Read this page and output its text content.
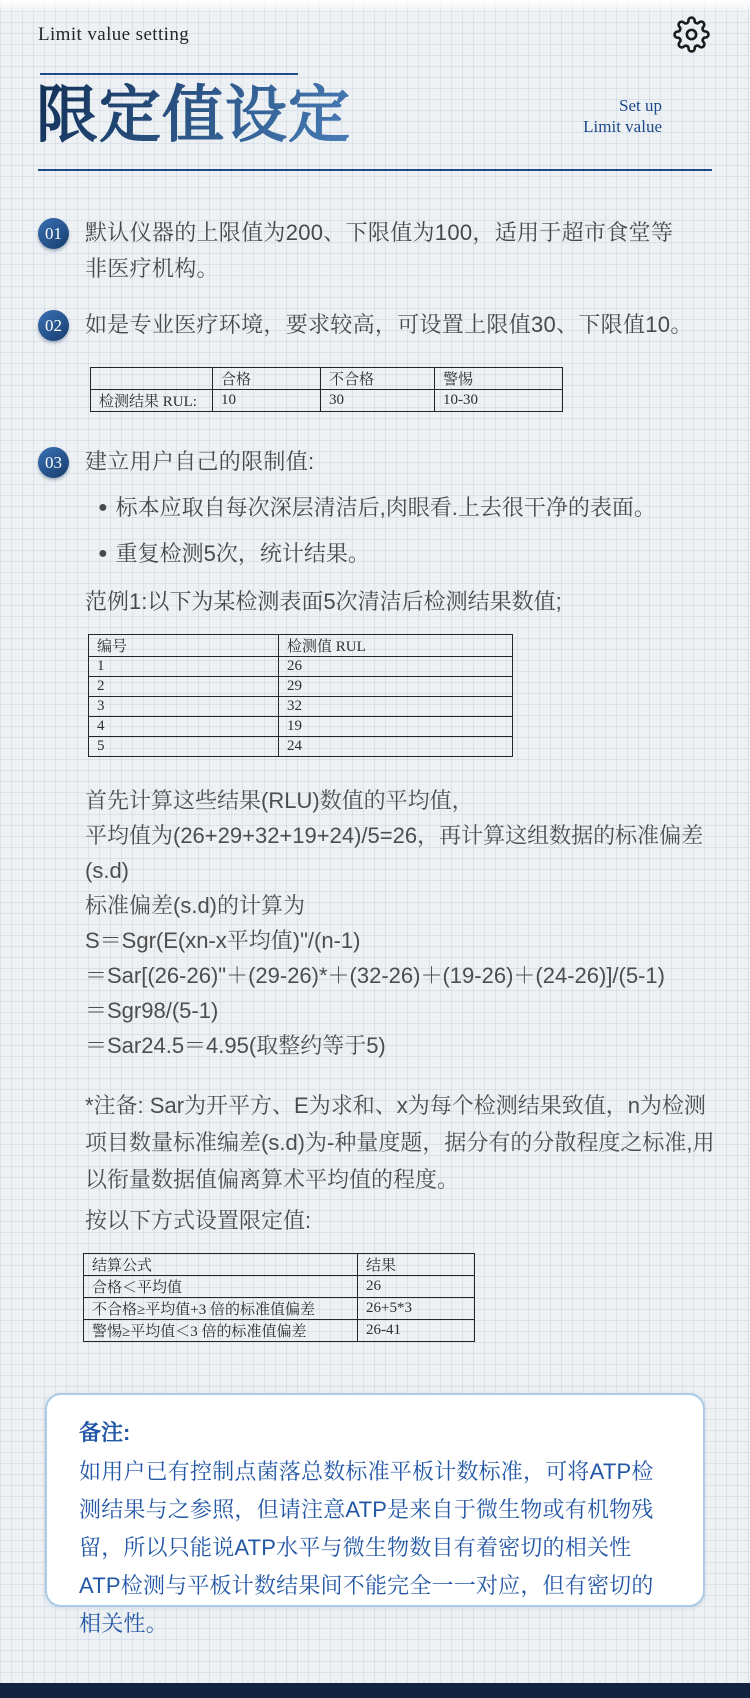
Limit value setting
限定值设定	Set up
Limit value
01	默认仪器的上限值为200、下限值为100，适用于超市食堂等非医疗机构。
02	如是专业医疗环境，要求较高，可设置上限值30、下限值10。
	合格	不合格	警惕
检测结果 RUL:	10	30	10-30
03	建立用户自己的限制值:
● 标本应取自每次深层清洁后,肉眼看.上去很干净的表面。
● 重复检测5次，统计结果。
范例1:以下为某检测表面5次清洁后检测结果数值;
编号	检测值 RUL
1	26
2	29
3	32
4	19
5	24
首先计算这些结果(RLU)数值的平均值，
平均值为(26+29+32+19+24)/5=26，再计算这组数据的标准偏差(s.d)
标准偏差(s.d)的计算为
S＝Sgr(E(xn-x平均值)"/(n-1)
＝Sar[(26-26)"＋(29-26)*＋(32-26)＋(19-26)＋(24-26)]/(5-1)
＝Sgr98/(5-1)
＝Sar24.5＝4.95(取整约等于5)
*注备: Sar为开平方、E为求和、x为每个检测结果致值，n为检测项目数量标准编差(s.d)为-种量度题，据分有的分散程度之标准,用以衔量数据值偏离算术平均值的程度。
按以下方式设置限定值:
结算公式	结果
合格＜平均值	26
不合格≥平均值+3 倍的标准值偏差	26+5*3
警惕≥平均值＜3 倍的标准值偏差	26-41
备注:
如用户已有控制点菌落总数标准平板计数标准，可将ATP检测结果与之参照，但请注意ATP是来自于微生物或有机物残留，所以只能说ATP水平与微生物数目有着密切的相关性ATP检测与平板计数结果间不能完全一一对应，但有密切的相关性。
